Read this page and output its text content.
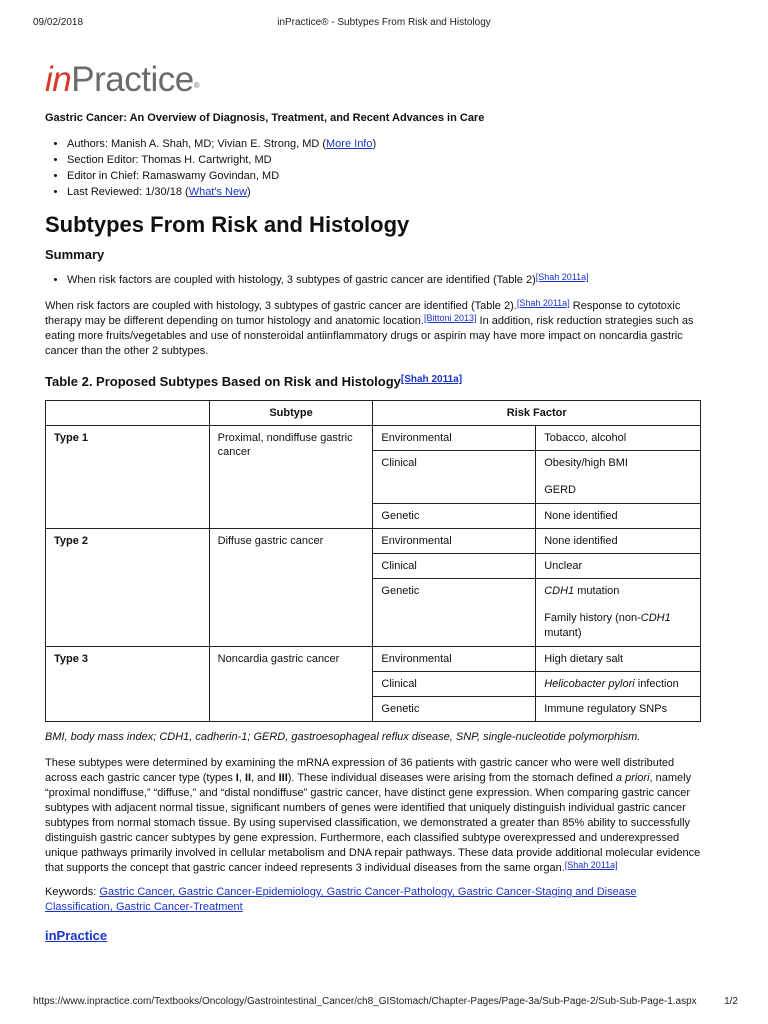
09/02/2018	inPractice® - Subtypes From Risk and Histology
inPractice®
Gastric Cancer: An Overview of Diagnosis, Treatment, and Recent Advances in Care
• Authors: Manish A. Shah, MD; Vivian E. Strong, MD (More Info)
• Section Editor: Thomas H. Cartwright, MD
• Editor in Chief: Ramaswamy Govindan, MD
• Last Reviewed: 1/30/18 (What's New)
Subtypes From Risk and Histology
Summary
• When risk factors are coupled with histology, 3 subtypes of gastric cancer are identified (Table 2)[Shah 2011a]

When risk factors are coupled with histology, 3 subtypes of gastric cancer are identified (Table 2).[Shah 2011a] Response to cytotoxic therapy may be different depending on tumor histology and anatomic location.[Bittoni 2013] In addition, risk reduction strategies such as eating more fruits/vegetables and use of nonsteroidal antiinflammatory drugs or aspirin may have more impact on noncardia gastric cancer than the other 2 subtypes.

Table 2. Proposed Subtypes Based on Risk and Histology[Shah 2011a]
	Subtype	Risk Factor	
Type 1	Proximal, nondiffuse gastric cancer	Environmental	Tobacco, alcohol
		Clinical	Obesity/high BMI

GERD

		Genetic	None identified
Type 2	Diffuse gastric cancer	Environmental	None identified
		Clinical	Unclear
		Genetic	CDH1 mutation

Family history (non-CDH1 mutant)

Type 3	Noncardia gastric cancer	Environmental	High dietary salt
		Clinical	Helicobacter pylori infection
		Genetic	Immune regulatory SNPs

BMI, body mass index; CDH1, cadherin-1; GERD, gastroesophageal reflux disease, SNP, single-nucleotide polymorphism.

These subtypes were determined by examining the mRNA expression of 36 patients with gastric cancer who were well distributed across each gastric cancer type (types I, II, and III). These individual diseases were arising from the stomach defined a priori, namely “proximal nondiffuse,” “diffuse,” and “distal nondiffuse” gastric cancer, have distinct gene expression. When comparing gastric cancer subtypes with adjacent normal tissue, significant numbers of genes were identified that uniquely distinguish individual gastric cancer subtypes from normal stomach tissue. By using supervised classification, we demonstrated a greater than 85% ability to successfully distinguish gastric cancer subtypes by gene expression. Furthermore, each classified subtype overexpressed and underexpressed unique pathways primarily involved in cellular metabolism and DNA repair pathways. These data provide additional molecular evidence that supports the concept that gastric cancer indeed represents 3 individual diseases from the same organ.[Shah 2011a]

Keywords: Gastric Cancer, Gastric Cancer-Epidemiology, Gastric Cancer-Pathology, Gastric Cancer-Staging and Disease Classification, Gastric Cancer-Treatment
inPractice
https://www.inpractice.com/Textbooks/Oncology/Gastrointestinal_Cancer/ch8_GIStomach/Chapter-Pages/Page-3a/Sub-Page-2/Sub-Sub-Page-1.aspx	1/2
